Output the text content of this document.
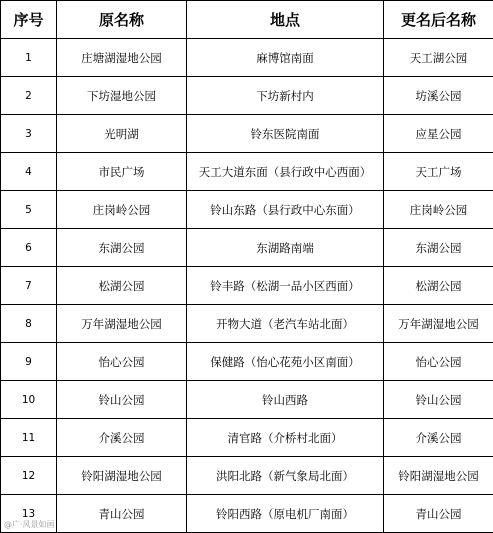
序号	原名称	地点	更名后名称
1	庄塘湖湿地公园	麻博馆南面	天工湖公园
2	下坊湿地公园	下坊新村内	坊溪公园
3	光明湖	铃东医院南面	应星公园
4	市民广场	天工大道东面（县行政中心西面）	天工广场
5	庄岗岭公园	铃山东路（县行政中心东面）	庄岗岭公园
6	东湖公园	东湖路南端	东湖公园
7	松湖公园	铃丰路（松湖一品小区西面）	松湖公园
8	万年湖湿地公园	开物大道（老汽车站北面）	万年湖湿地公园
9	怡心公园	保健路（怡心花苑小区南面）	怡心公园
10	铃山公园	铃山西路	铃山公园
11	介溪公园	清官路（介桥村北面）	介溪公园
12	铃阳湖湿地公园	洪阳北路（新气象局北面）	铃阳湖湿地公园
13	青山公园	铃阳西路（原电机厂南面）	青山公园
@广·风景如画
